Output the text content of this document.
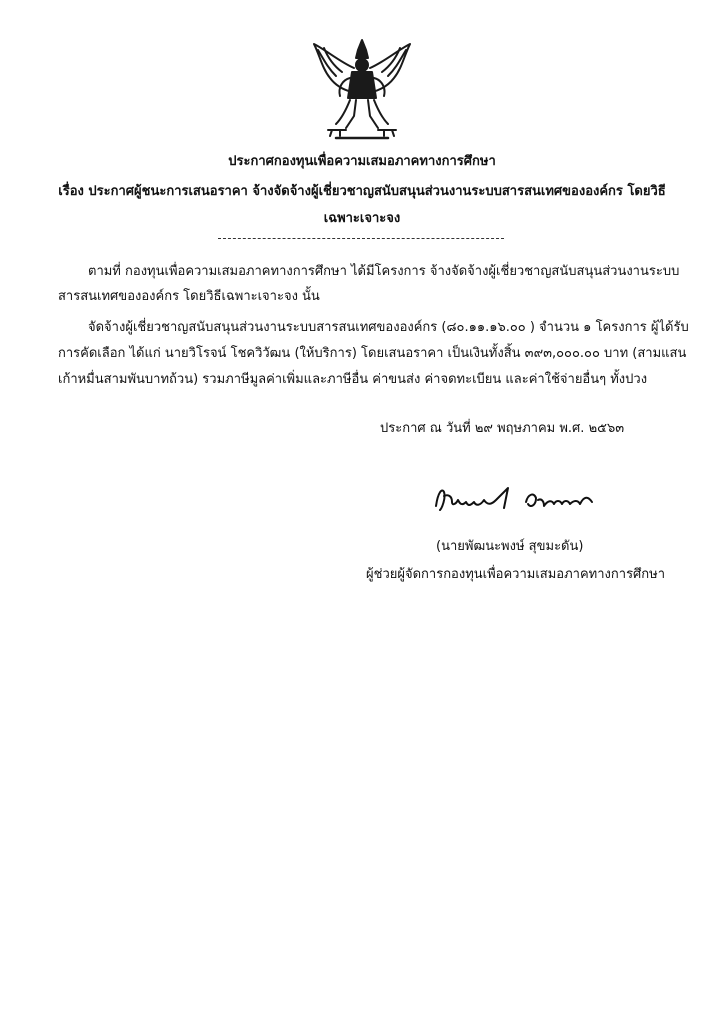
ประกาศกองทุนเพื่อความเสมอภาคทางการศึกษา
เรื่อง ประกาศผู้ชนะการเสนอราคา จ้างจัดจ้างผู้เชี่ยวชาญสนับสนุนส่วนงานระบบสารสนเทศขององค์กร โดยวิธี
เฉพาะเจาะจง
ตามที่ กองทุนเพื่อความเสมอภาคทางการศึกษา ได้มีโครงการ จ้างจัดจ้างผู้เชี่ยวชาญสนับสนุนส่วนงานระบบ
สารสนเทศขององค์กร โดยวิธีเฉพาะเจาะจง นั้น
จัดจ้างผู้เชี่ยวชาญสนับสนุนส่วนงานระบบสารสนเทศขององค์กร (๘๐.๑๑.๑๖.๐๐ ) จำนวน ๑ โครงการ ผู้ได้รับ
การคัดเลือก ได้แก่ นายวิโรจน์ โชควิวัฒน (ให้บริการ) โดยเสนอราคา เป็นเงินทั้งสิ้น ๓๙๓,๐๐๐.๐๐ บาท (สามแสน
เก้าหมื่นสามพันบาทถ้วน) รวมภาษีมูลค่าเพิ่มและภาษีอื่น ค่าขนส่ง ค่าจดทะเบียน และค่าใช้จ่ายอื่นๆ ทั้งปวง
ประกาศ ณ วันที่ ๒๙ พฤษภาคม พ.ศ. ๒๕๖๓
(นายพัฒนะพงษ์ สุขมะดัน)
ผู้ช่วยผู้จัดการกองทุนเพื่อความเสมอภาคทางการศึกษา
